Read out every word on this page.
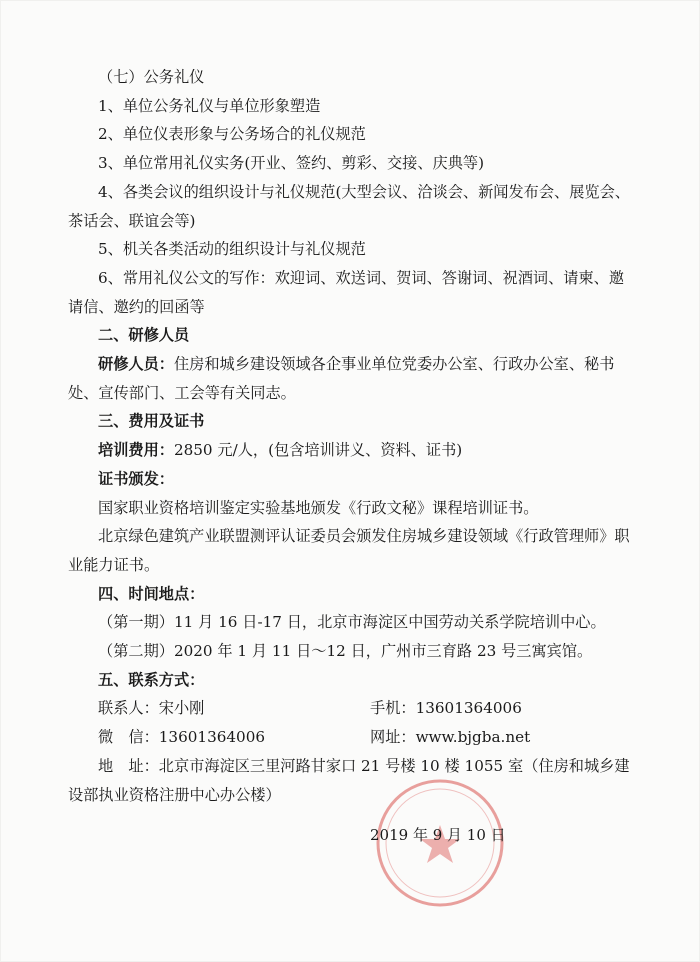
（七）公务礼仪

1、单位公务礼仪与单位形象塑造

2、单位仪表形象与公务场合的礼仪规范

3、单位常用礼仪实务(开业、签约、剪彩、交接、庆典等)

4、各类会议的组织设计与礼仪规范(大型会议、洽谈会、新闻发布会、展览会、茶话会、联谊会等)

5、机关各类活动的组织设计与礼仪规范

6、常用礼仪公文的写作：欢迎词、欢送词、贺词、答谢词、祝酒词、请柬、邀请信、邀约的回函等

二、研修人员

研修人员：住房和城乡建设领域各企事业单位党委办公室、行政办公室、秘书处、宣传部门、工会等有关同志。

三、费用及证书

培训费用：2850 元/人，(包含培训讲义、资料、证书)

证书颁发：

国家职业资格培训鉴定实验基地颁发《行政文秘》课程培训证书。

北京绿色建筑产业联盟测评认证委员会颁发住房城乡建设领域《行政管理师》职业能力证书。

四、时间地点：

（第一期）11 月 16 日-17 日，北京市海淀区中国劳动关系学院培训中心。

（第二期）2020 年 1 月 11 日～12 日，广州市三育路 23 号三寓宾馆。

五、联系方式：

联系人：宋小刚	手机：13601364006
微　信：13601364006	网址：www.bjgba.net

地　址：北京市海淀区三里河路甘家口 21 号楼 10 楼 1055 室（住房和城乡建设部执业资格注册中心办公楼）

2019 年 9 月 10 日
